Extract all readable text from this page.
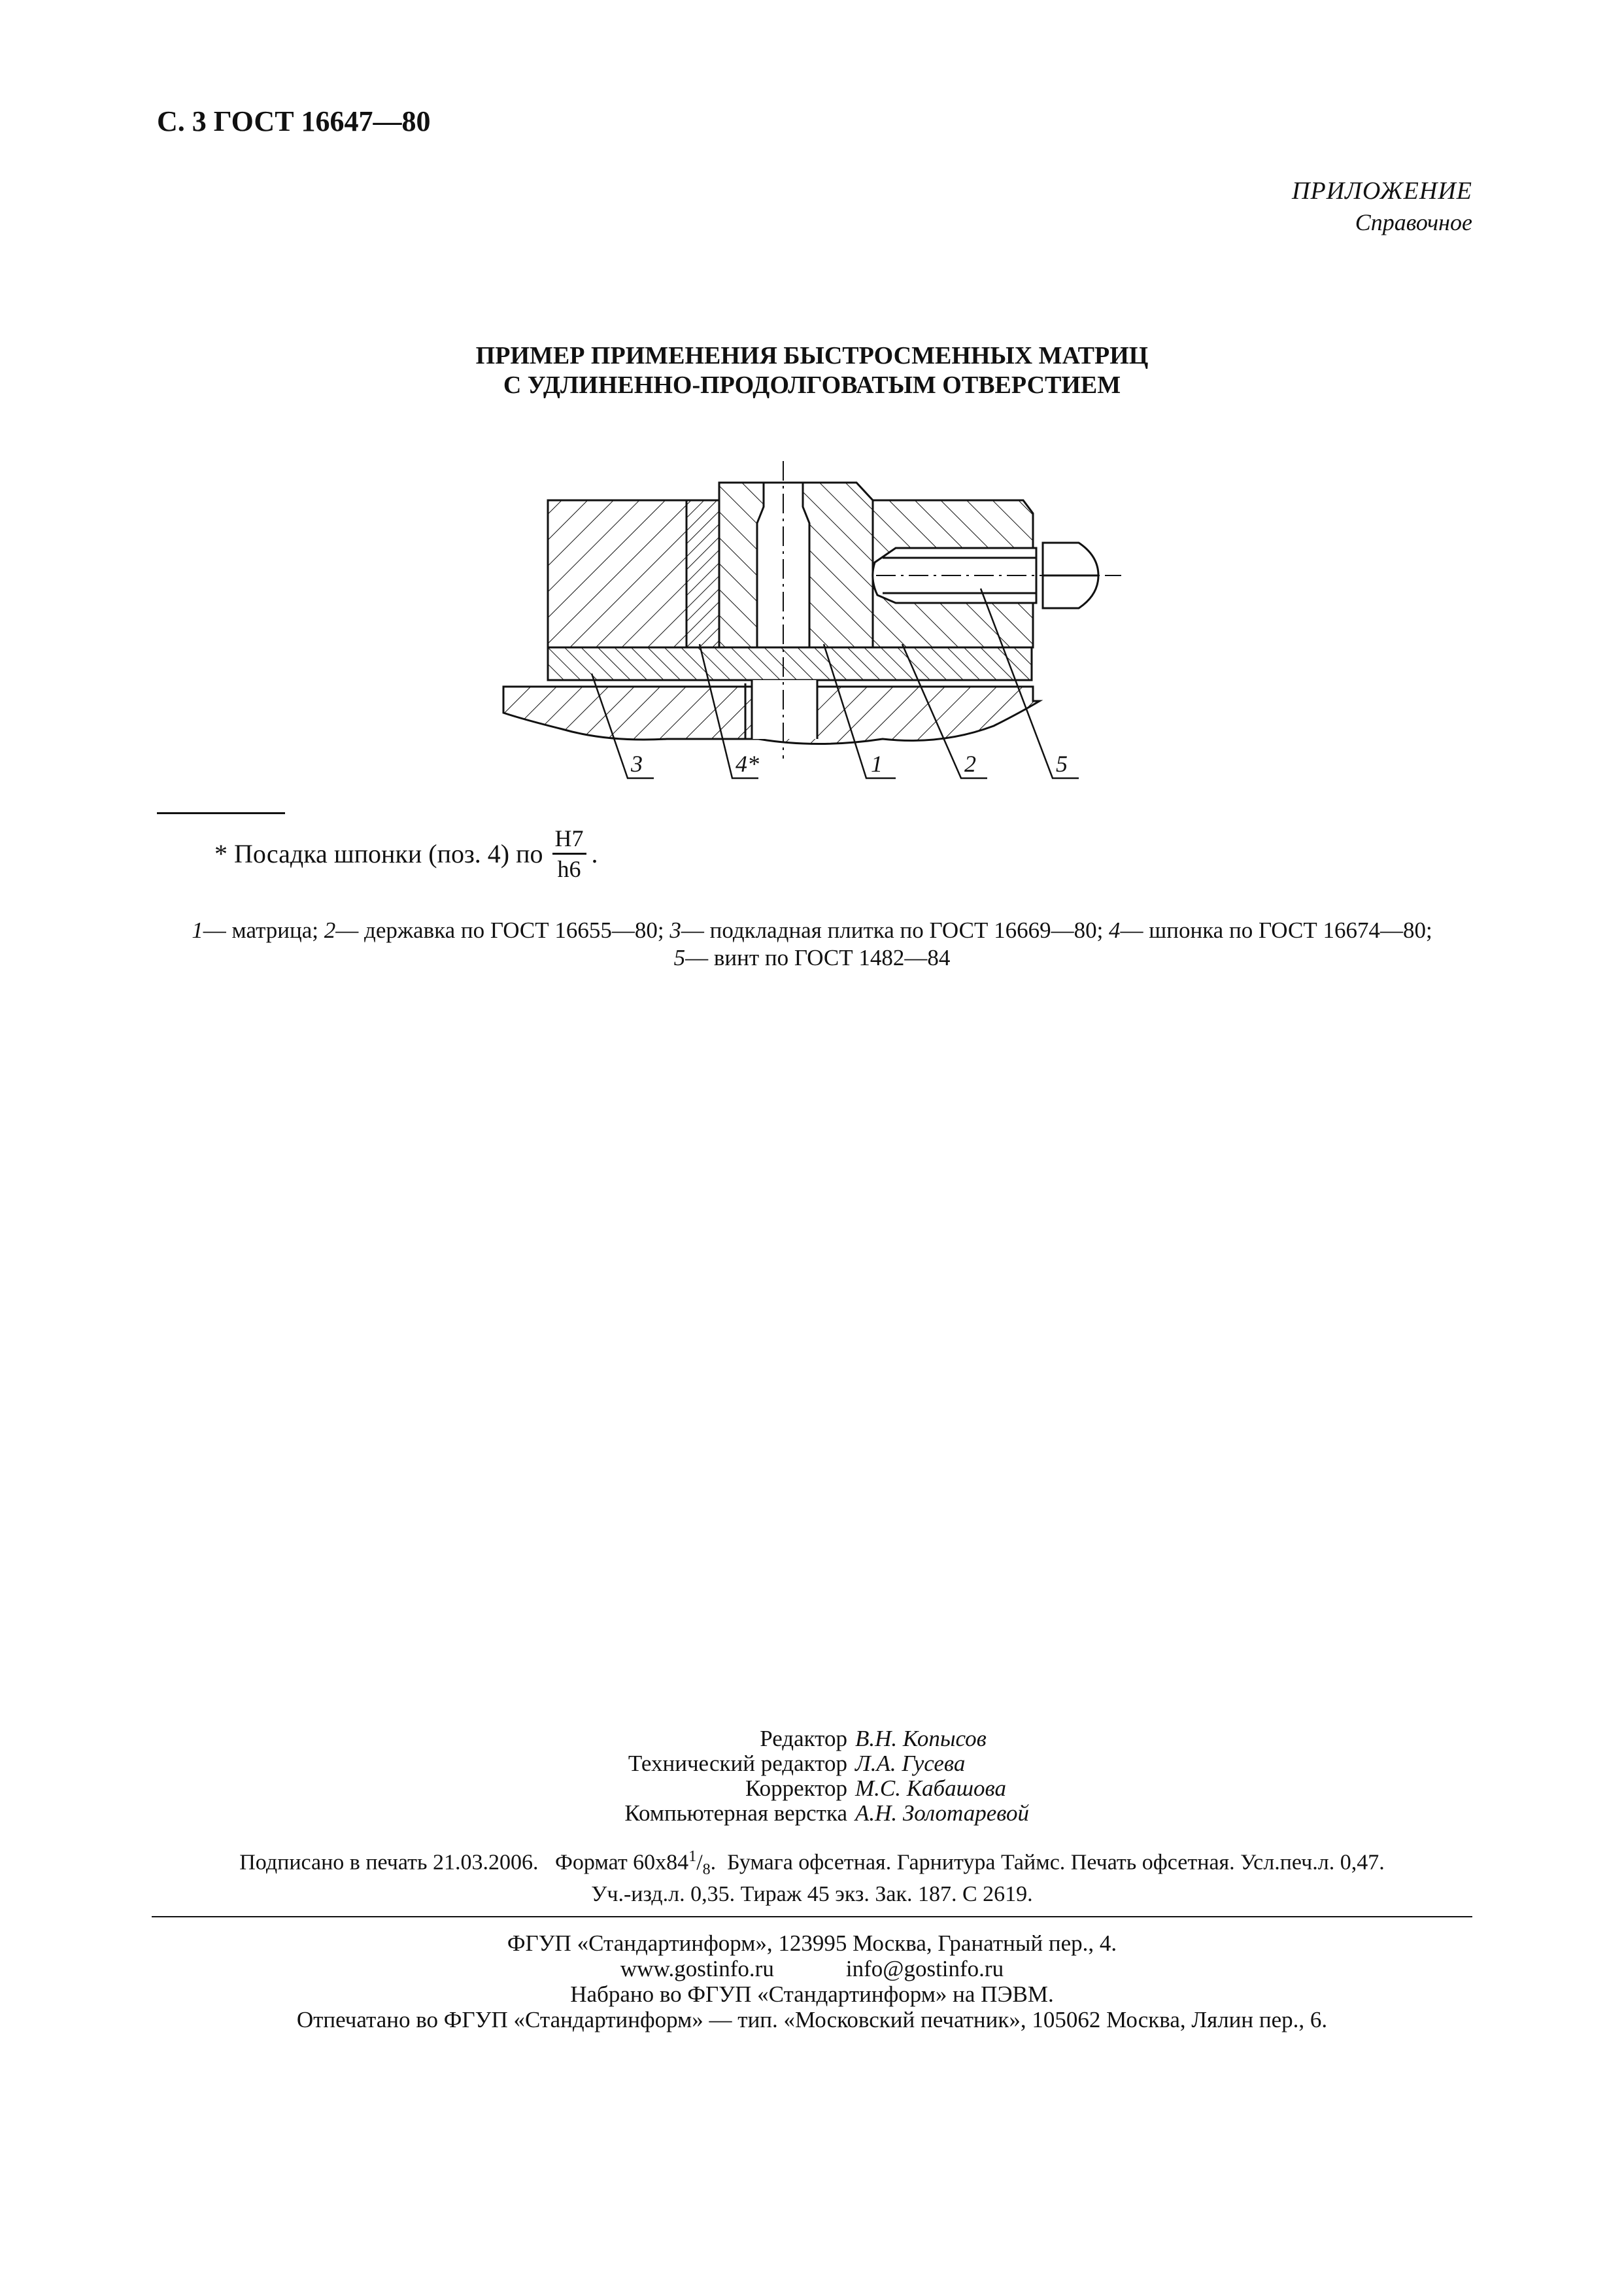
С. 3 ГОСТ 16647—80
ПРИЛОЖЕНИЕ
Справочное
ПРИМЕР ПРИМЕНЕНИЯ БЫСТРОСМЕННЫХ МАТРИЦ
С УДЛИНЕННО-ПРОДОЛГОВАТЫМ ОТВЕРСТИЕМ
3	4*	1	2	5
* Посадка шпонки (поз. 4) по $\frac{H7}{h6}$ .
1— матрица; 2— державка по ГОСТ 16655—80; 3— подкладная плитка по ГОСТ 16669—80; 4— шпонка по ГОСТ 16674—80;
5— винт по ГОСТ 1482—84
Редактор В.Н. Копысов
Технический редактор Л.А. Гусева
Корректор М.С. Кабашова
Компьютерная верстка А.Н. Золотаревой
Подписано в печать 21.03.2006. Формат $60x84^1/_8$. Бумага офсетная. Гарнитура Таймс. Печать офсетная. Усл.печ.л. 0,47.
Уч.-изд.л. 0,35. Тираж 45 экз. Зак. 187. С 2619.
ФГУП «Стандартинформ», 123995 Москва, Гранатный пер., 4.
www.gostinfo.ru	info@gostinfo.ru
Набрано во ФГУП «Стандартинформ» на ПЭВМ.
Отпечатано во ФГУП «Стандартинформ» — тип. «Московский печатник», 105062 Москва, Лялин пер., 6.
